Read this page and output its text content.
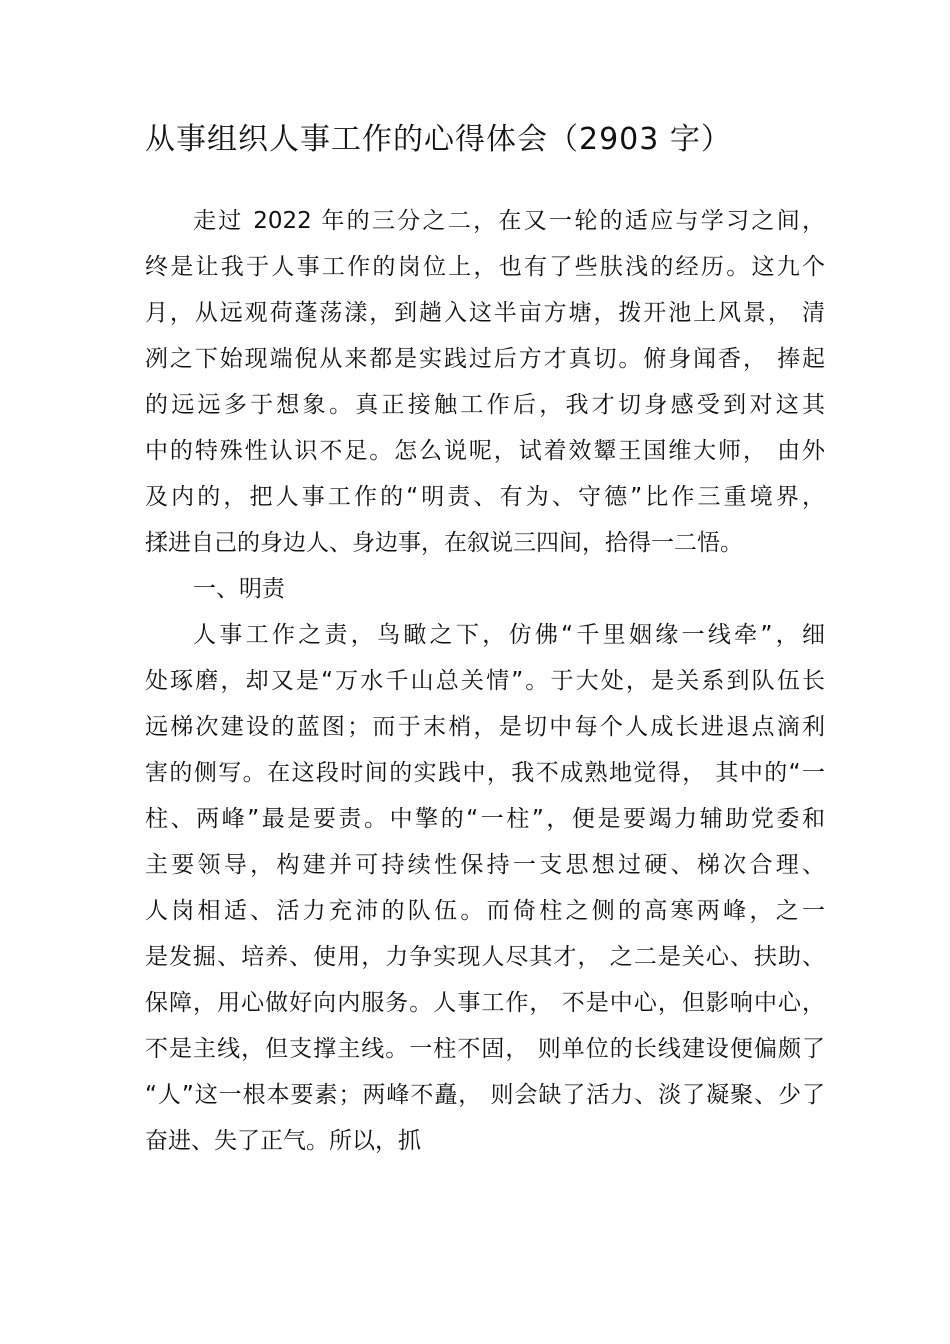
从事组织人事工作的心得体会（2903 字）
走过 2022 年的三分之二，在又一轮的适应与学习之间，
终是让我于人事工作的岗位上，也有了些肤浅的经历。这九个
月，从远观荷蓬荡漾，到趟入这半亩方塘，拨开池上风景， 清
冽之下始现端倪从来都是实践过后方才真切。俯身闻香， 捧起
的远远多于想象。真正接触工作后，我才切身感受到对这其
中的特殊性认识不足。怎么说呢，试着效颦王国维大师， 由外
及内的，把人事工作的“明责、有为、守德”比作三重境界，
揉进自己的身边人、身边事，在叙说三四间，拾得一二悟。
一、明责
人事工作之责，鸟瞰之下，仿佛“千里姻缘一线牵”，细
处琢磨，却又是“万水千山总关情”。于大处，是关系到队伍长
远梯次建设的蓝图；而于末梢，是切中每个人成长进退点滴利
害的侧写。在这段时间的实践中，我不成熟地觉得， 其中的“一
柱、两峰”最是要责。中擎的“一柱”，便是要竭力辅助党委和
主要领导，构建并可持续性保持一支思想过硬、梯次合理、
人岗相适、活力充沛的队伍。而倚柱之侧的高寒两峰，之一
是发掘、培养、使用，力争实现人尽其才， 之二是关心、扶助、
保障，用心做好向内服务。人事工作， 不是中心，但影响中心，
不是主线，但支撑主线。一柱不固， 则单位的长线建设便偏颇了
“人”这一根本要素；两峰不矗， 则会缺了活力、淡了凝聚、少了
奋进、失了正气。所以，抓
